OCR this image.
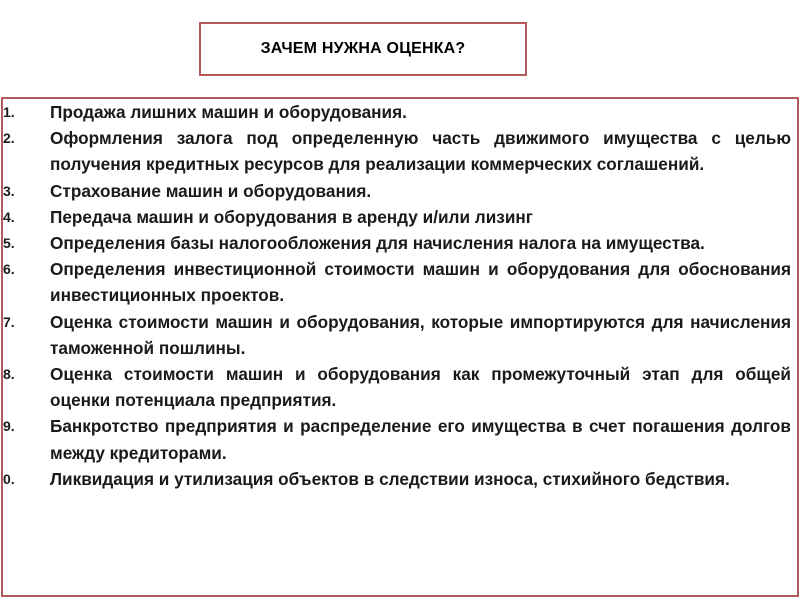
ЗАЧЕМ НУЖНА ОЦЕНКА?
1. Продажа лишних машин и оборудования.
2. Оформления залога под определенную часть движимого имущества с целью получения кредитных ресурсов для реализации коммерческих соглашений.
3. Страхование машин и оборудования.
4. Передача машин и оборудования в аренду и/или лизинг
5. Определения базы налогообложения для начисления налога на имущества.
6. Определения инвестиционной стоимости машин и оборудования для обоснования инвестиционных проектов.
7. Оценка стоимости машин и оборудования, которые импортируются для начисления таможенной пошлины.
8. Оценка стоимости машин и оборудования как промежуточный этап для общей оценки потенциала предприятия.
9. Банкротство предприятия и распределение его имущества в счет погашения долгов между кредиторами.
0. Ликвидация и утилизация объектов в следствии износа, стихийного бедствия.
